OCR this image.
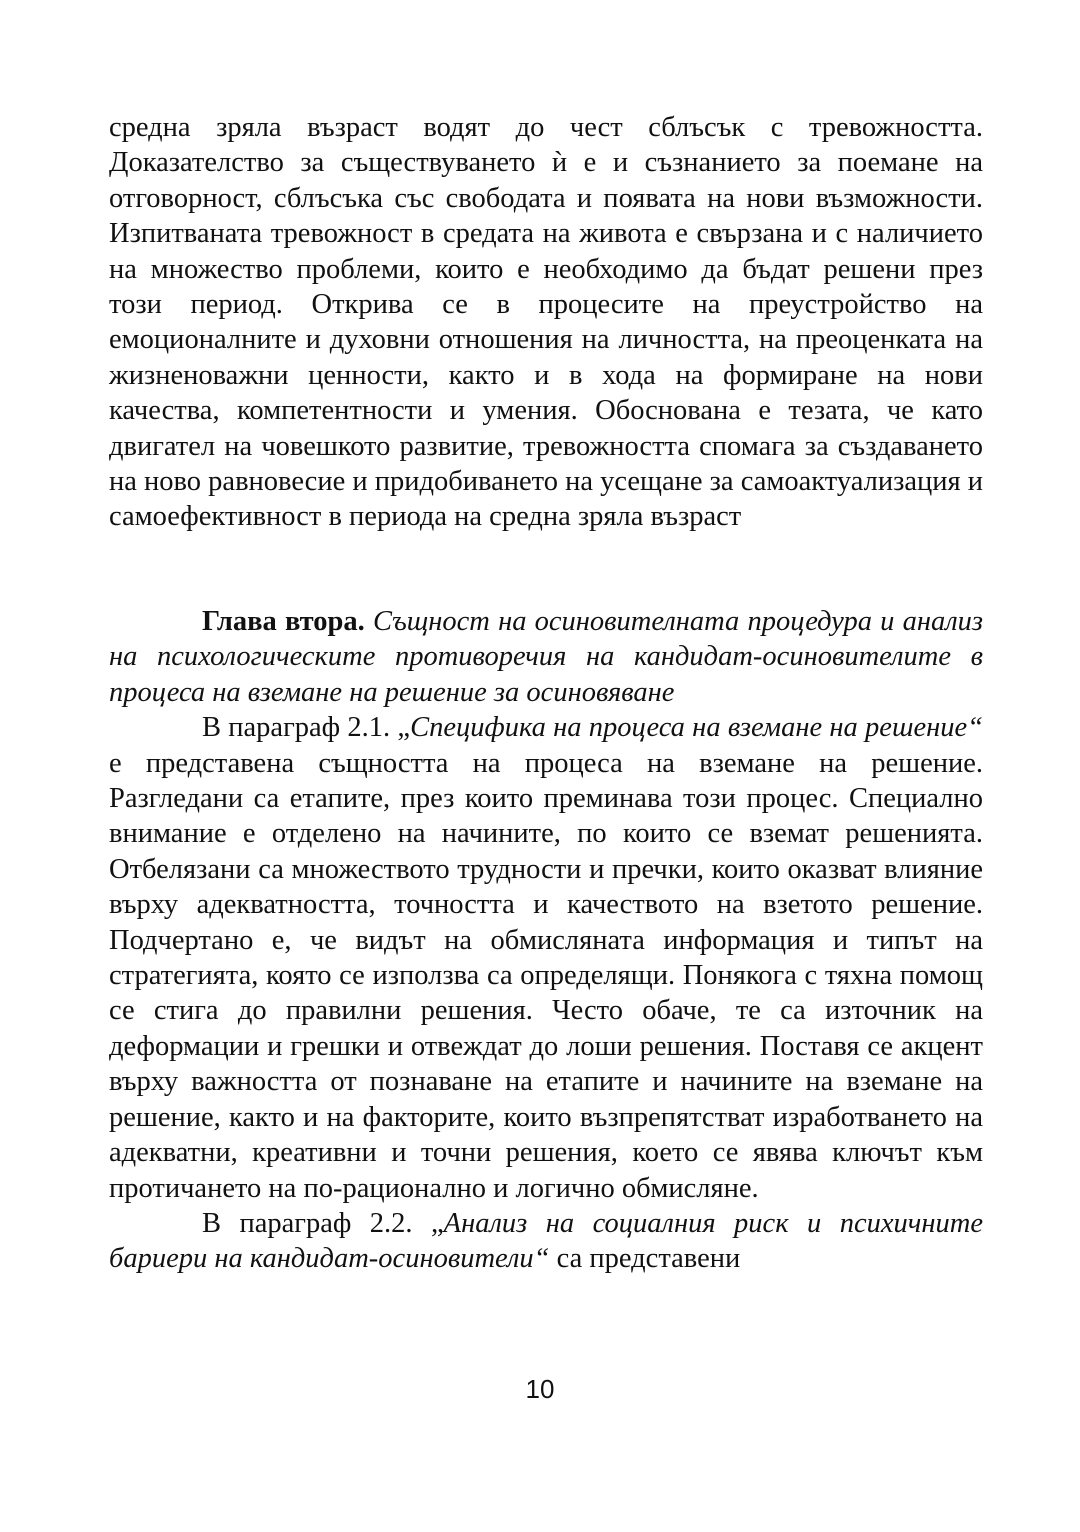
средна зряла възраст водят до чест сблъсък с тревожността. Доказателство за съществуването ѝ е и съзнанието за поемане на отговорност, сблъсъка със свободата и появата на нови възможности. Изпитваната тревожност в средата на живота е свързана и с наличието на множество проблеми, които е необходимо да бъдат решени през този период. Открива се в процесите на преустройство на емоционалните и духовни отношения на личността, на преоценката на жизненоважни ценности, както и в хода на формиране на нови качества, компетентности и умения. Обоснована е тезата, че като двигател на човешкото развитие, тревожността спомага за създаването на ново равновесие и придобиването на усещане за самоактуализация и самоефективност в периода на средна зряла възраст

Глава втора. Същност на осиновителната процедура и анализ на психологическите противоречия на кандидат-осиновителите в процеса на вземане на решение за осиновяване

В параграф 2.1. „Специфика на процеса на вземане на решение“ е представена същността на процеса на вземане на решение. Разгледани са етапите, през които преминава този процес. Специално внимание е отделено на начините, по които се вземат решенията. Отбелязани са множеството трудности и пречки, които оказват влияние върху адекватността, точността и качеството на взетото решение. Подчертано е, че видът на обмисляната информация и типът на стратегията, която се използва са определящи. Понякога с тяхна помощ се стига до правилни решения. Често обаче, те са източник на деформации и грешки и отвеждат до лоши решения. Поставя се акцент върху важността от познаване на етапите и начините на вземане на решение, както и на факторите, които възпрепятстват изработването на адекватни, креативни и точни решения, което се явява ключът към протичането на по-рационално и логично обмисляне.

В параграф 2.2. „Анализ на социалния риск и психичните бариери на кандидат-осиновители“ са представени

10
